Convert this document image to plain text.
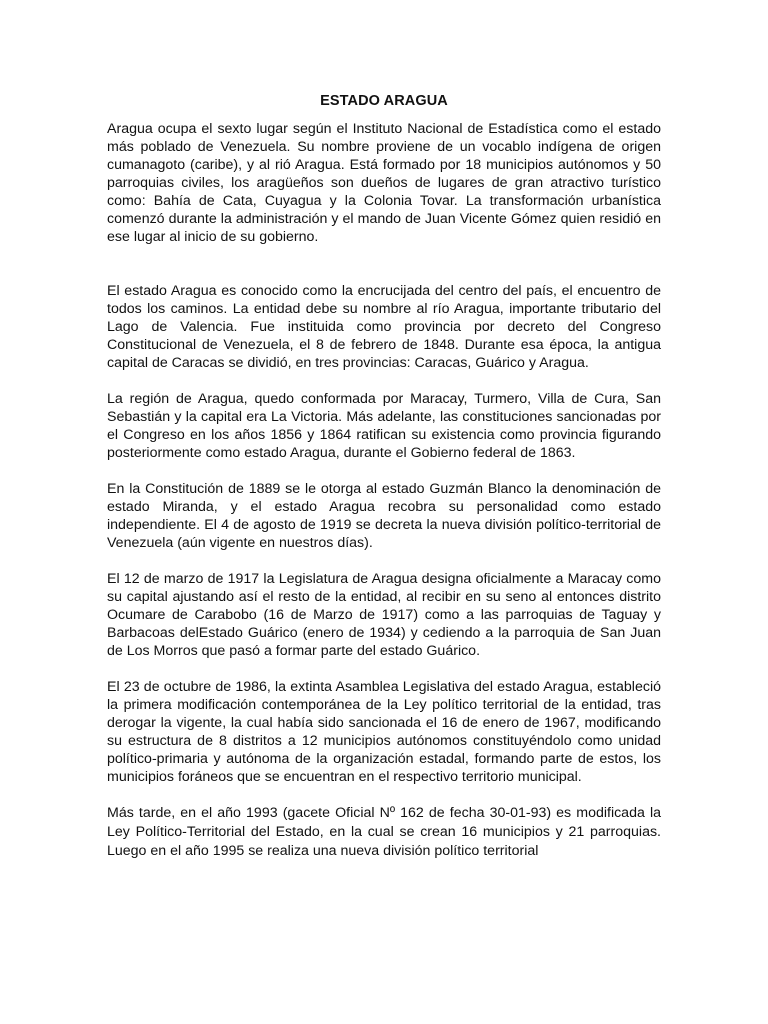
ESTADO ARAGUA

Aragua ocupa el sexto lugar según el Instituto Nacional de Estadística como el estado más poblado de Venezuela. Su nombre proviene de un vocablo indígena de origen cumanagoto (caribe), y al rió Aragua. Está formado por 18 municipios autónomos y 50 parroquias civiles, los aragüeños son dueños de lugares de gran atractivo turístico como: Bahía de Cata, Cuyagua y la Colonia Tovar. La transformación urbanística comenzó durante la administración y el mando de Juan Vicente Gómez quien residió en ese lugar al inicio de su gobierno.

El estado Aragua es conocido como la encrucijada del centro del país, el encuentro de todos los caminos. La entidad debe su nombre al río Aragua, importante tributario del Lago de Valencia. Fue instituida como provincia por decreto del Congreso Constitucional de Venezuela, el 8 de febrero de 1848. Durante esa época, la antigua capital de Caracas se dividió, en tres provincias: Caracas, Guárico y Aragua.

La región de Aragua, quedo conformada por Maracay, Turmero, Villa de Cura, San Sebastián y la capital era La Victoria. Más adelante, las constituciones sancionadas por el Congreso en los años 1856 y 1864 ratifican su existencia como provincia figurando posteriormente como estado Aragua, durante el Gobierno federal de 1863.

En la Constitución de 1889 se le otorga al estado Guzmán Blanco la denominación de estado Miranda, y el estado Aragua recobra su personalidad como estado independiente. El 4 de agosto de 1919 se decreta la nueva división político-territorial de Venezuela (aún vigente en nuestros días).

El 12 de marzo de 1917 la Legislatura de Aragua designa oficialmente a Maracay como su capital ajustando así el resto de la entidad, al recibir en su seno al entonces distrito Ocumare de Carabobo (16 de Marzo de 1917) como a las parroquias de Taguay y Barbacoas delEstado Guárico (enero de 1934) y cediendo a la parroquia de San Juan de Los Morros que pasó a formar parte del estado Guárico.

El 23 de octubre de 1986, la extinta Asamblea Legislativa del estado Aragua, estableció la primera modificación contemporánea de la Ley político territorial de la entidad, tras derogar la vigente, la cual había sido sancionada el 16 de enero de 1967, modificando su estructura de 8 distritos a 12 municipios autónomos constituyéndolo como unidad político-primaria y autónoma de la organización estadal, formando parte de estos, los municipios foráneos que se encuentran en el respectivo territorio municipal.

Más tarde, en el año 1993 (gacete Oficial Nº 162 de fecha 30-01-93) es modificada la Ley Político-Territorial del Estado, en la cual se crean 16 municipios y 21 parroquias. Luego en el año 1995 se realiza una nueva división político territorial
